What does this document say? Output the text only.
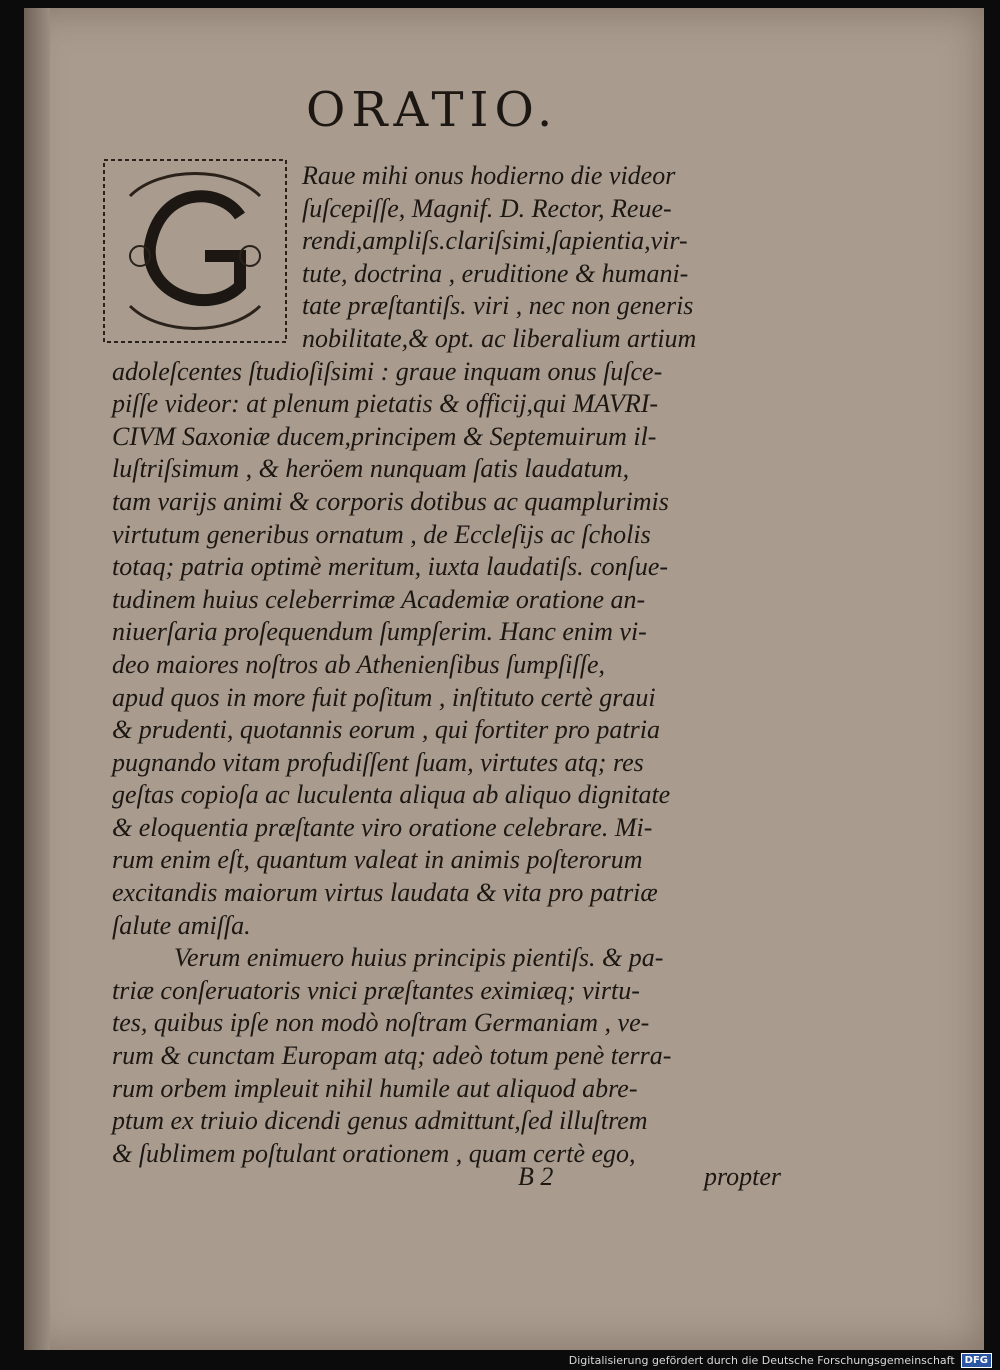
ORATIO.
Raue mihi onus hodierno die videor
ſuſcepiſſe, Magnif. D. Rector, Reue-
rendi,ampliſs.clariſsimi,ſapientia,vir-
tute, doctrina , eruditione & humani-
tate præſtantiſs. viri , nec non generis
nobilitate,& opt. ac liberalium artium
adoleſcentes ſtudioſiſsimi : graue inquam onus ſuſce-
piſſe videor: at plenum pietatis & officij,qui MAVRI-
CIVM Saxoniæ ducem,principem & Septemuirum il-
luſtriſsimum , & heröem nunquam ſatis laudatum,
tam varijs animi & corporis dotibus ac quamplurimis
virtutum generibus ornatum , de Eccleſijs ac ſcholis
totaq; patria optimè meritum, iuxta laudatiſs. conſue-
tudinem huius celeberrimæ Academiæ oratione an-
niuerſaria proſequendum ſumpſerim. Hanc enim vi-
deo maiores noſtros ab Athenienſibus ſumpſiſſe,
apud quos in more fuit poſitum , inſtituto certè graui
& prudenti, quotannis eorum , qui fortiter pro patria
pugnando vitam profudiſſent ſuam, virtutes atq; res
geſtas copioſa ac luculenta aliqua ab aliquo dignitate
& eloquentia præſtante viro oratione celebrare. Mi-
rum enim eſt, quantum valeat in animis poſterorum
excitandis maiorum virtus laudata & vita pro patriæ
ſalute amiſſa.
Verum enimuero huius principis pientiſs. & pa-
triæ conſeruatoris vnici præſtantes eximiæq; virtu-
tes, quibus ipſe non modò noſtram Germaniam , ve-
rum & cunctam Europam atq; adeò totum penè terra-
rum orbem impleuit nihil humile aut aliquod abre-
ptum ex triuio dicendi genus admittunt,ſed illuſtrem
& ſublimem poſtulant orationem , quam certè ego,
B 2	propter
Digitalisierung gefördert durch die Deutsche Forschungsgemeinschaft	DFG
